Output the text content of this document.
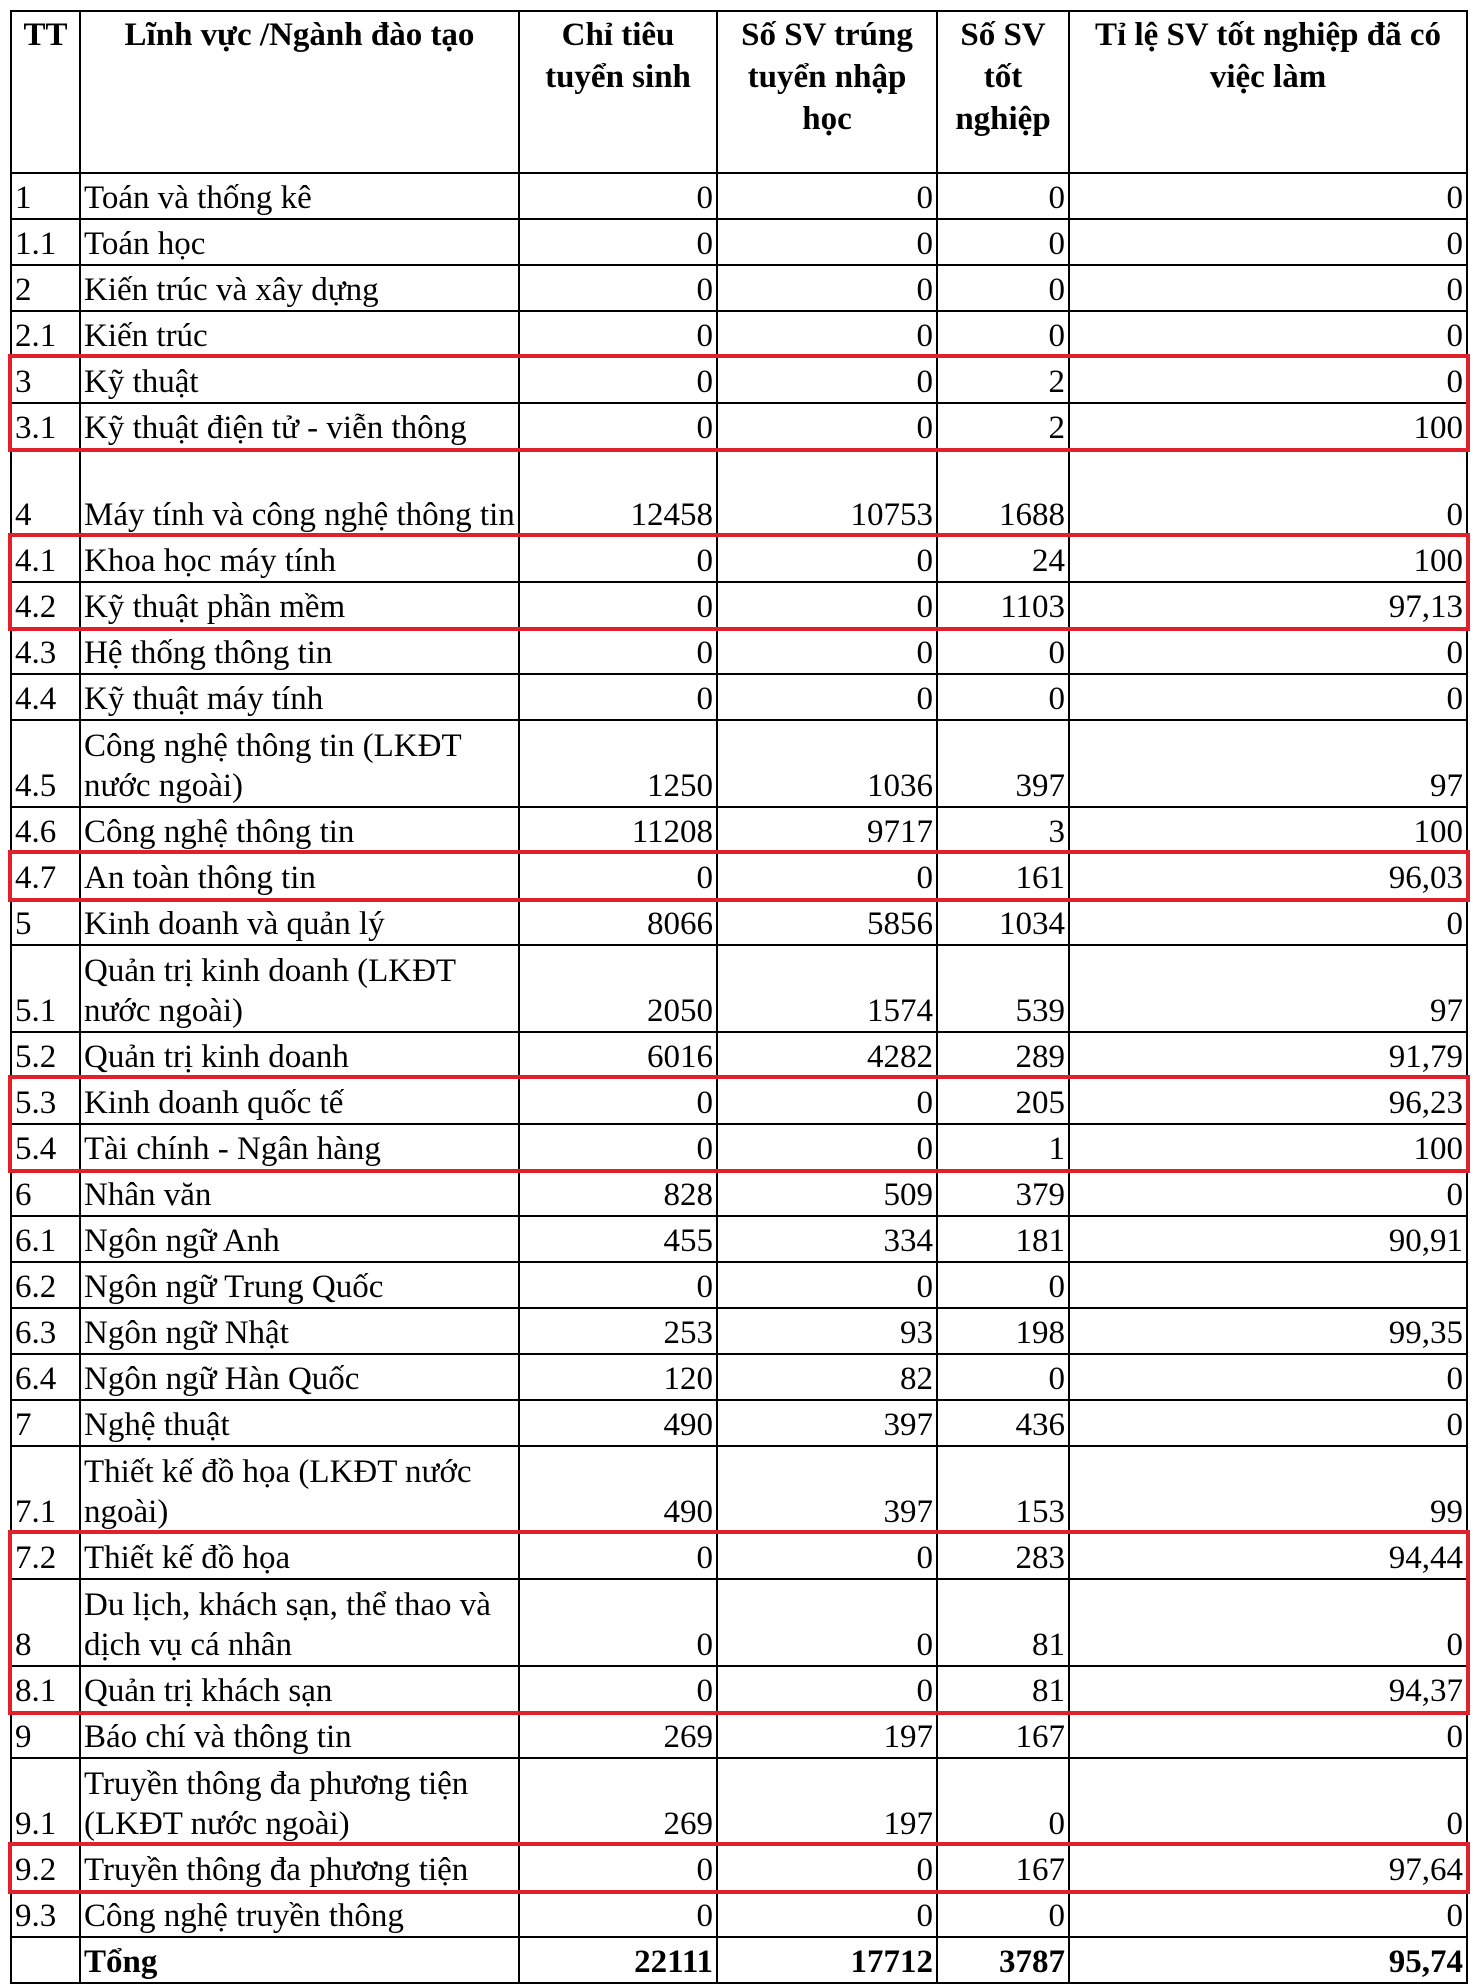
TT	Lĩnh vực /Ngành đào tạo	Chỉ tiêu tuyển sinh	Số SV trúng tuyển nhập học	Số SV tốt nghiệp	Tỉ lệ SV tốt nghiệp đã có việc làm
1	Toán và thống kê	0	0	0	0
1.1	Toán học	0	0	0	0
2	Kiến trúc và xây dựng	0	0	0	0
2.1	Kiến trúc	0	0	0	0
3	Kỹ thuật	0	0	2	0
3.1	Kỹ thuật điện tử - viễn thông	0	0	2	100
4	Máy tính và công nghệ thông tin	12458	10753	1688	0
4.1	Khoa học máy tính	0	0	24	100
4.2	Kỹ thuật phần mềm	0	0	1103	97,13
4.3	Hệ thống thông tin	0	0	0	0
4.4	Kỹ thuật máy tính	0	0	0	0
4.5	Công nghệ thông tin (LKĐT nước ngoài)	1250	1036	397	97
4.6	Công nghệ thông tin	11208	9717	3	100
4.7	An toàn thông tin	0	0	161	96,03
5	Kinh doanh và quản lý	8066	5856	1034	0
5.1	Quản trị kinh doanh (LKĐT nước ngoài)	2050	1574	539	97
5.2	Quản trị kinh doanh	6016	4282	289	91,79
5.3	Kinh doanh quốc tế	0	0	205	96,23
5.4	Tài chính - Ngân hàng	0	0	1	100
6	Nhân văn	828	509	379	0
6.1	Ngôn ngữ Anh	455	334	181	90,91
6.2	Ngôn ngữ Trung Quốc	0	0	0	
6.3	Ngôn ngữ Nhật	253	93	198	99,35
6.4	Ngôn ngữ Hàn Quốc	120	82	0	0
7	Nghệ thuật	490	397	436	0
7.1	Thiết kế đồ họa (LKĐT nước ngoài)	490	397	153	99
7.2	Thiết kế đồ họa	0	0	283	94,44
8	Du lịch, khách sạn, thể thao và dịch vụ cá nhân	0	0	81	0
8.1	Quản trị khách sạn	0	0	81	94,37
9	Báo chí và thông tin	269	197	167	0
9.1	Truyền thông đa phương tiện (LKĐT nước ngoài)	269	197	0	0
9.2	Truyền thông đa phương tiện	0	0	167	97,64
9.3	Công nghệ truyền thông	0	0	0	0
	Tổng	22111	17712	3787	95,74
